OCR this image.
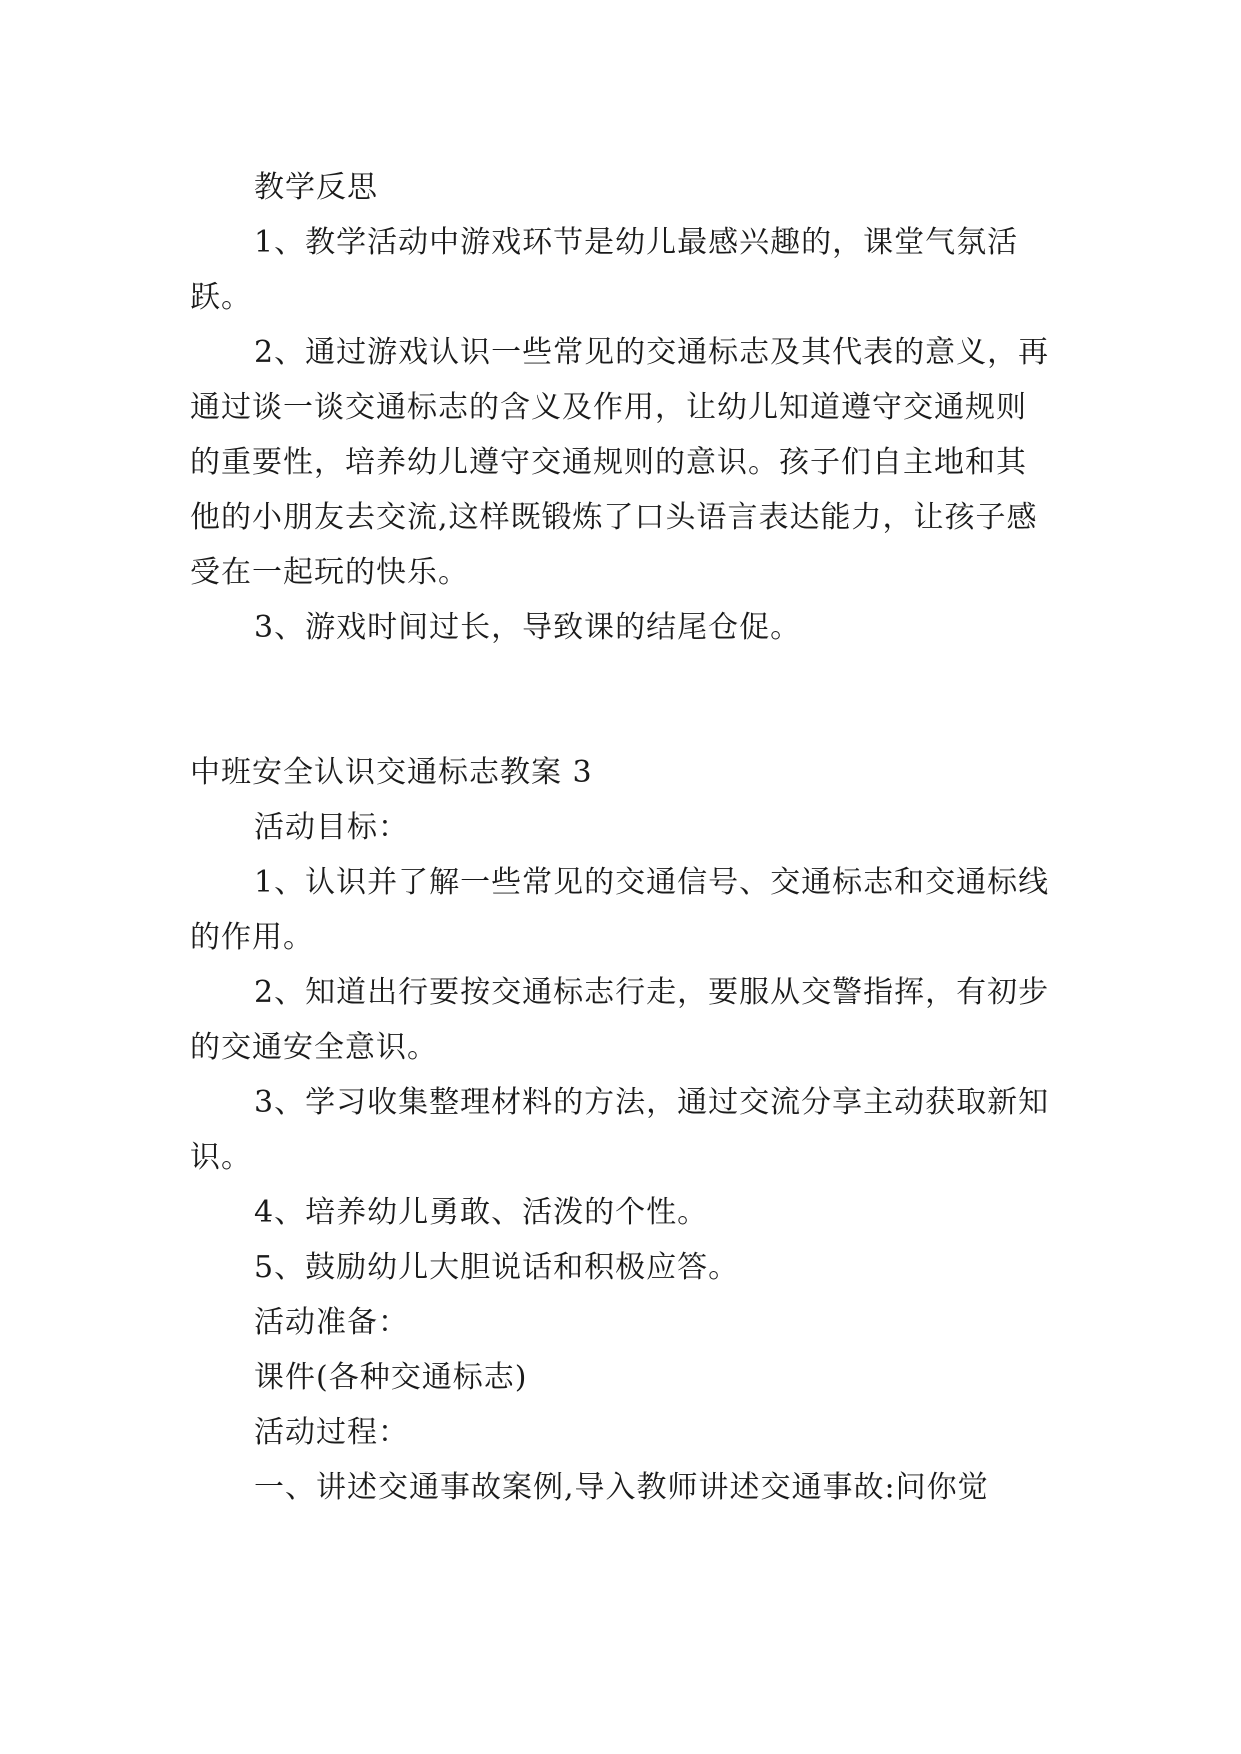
教学反思

1、教学活动中游戏环节是幼儿最感兴趣的，课堂气氛活跃。

2、通过游戏认识一些常见的交通标志及其代表的意义，再通过谈一谈交通标志的含义及作用，让幼儿知道遵守交通规则的重要性，培养幼儿遵守交通规则的意识。孩子们自主地和其他的小朋友去交流,这样既锻炼了口头语言表达能力，让孩子感受在一起玩的快乐。

3、游戏时间过长，导致课的结尾仓促。

中班安全认识交通标志教案 3

活动目标：

1、认识并了解一些常见的交通信号、交通标志和交通标线的作用。

2、知道出行要按交通标志行走，要服从交警指挥，有初步的交通安全意识。

3、学习收集整理材料的方法，通过交流分享主动获取新知识。

4、培养幼儿勇敢、活泼的个性。

5、鼓励幼儿大胆说话和积极应答。

活动准备：

课件(各种交通标志)

活动过程：

一、讲述交通事故案例,导入教师讲述交通事故:问你觉
